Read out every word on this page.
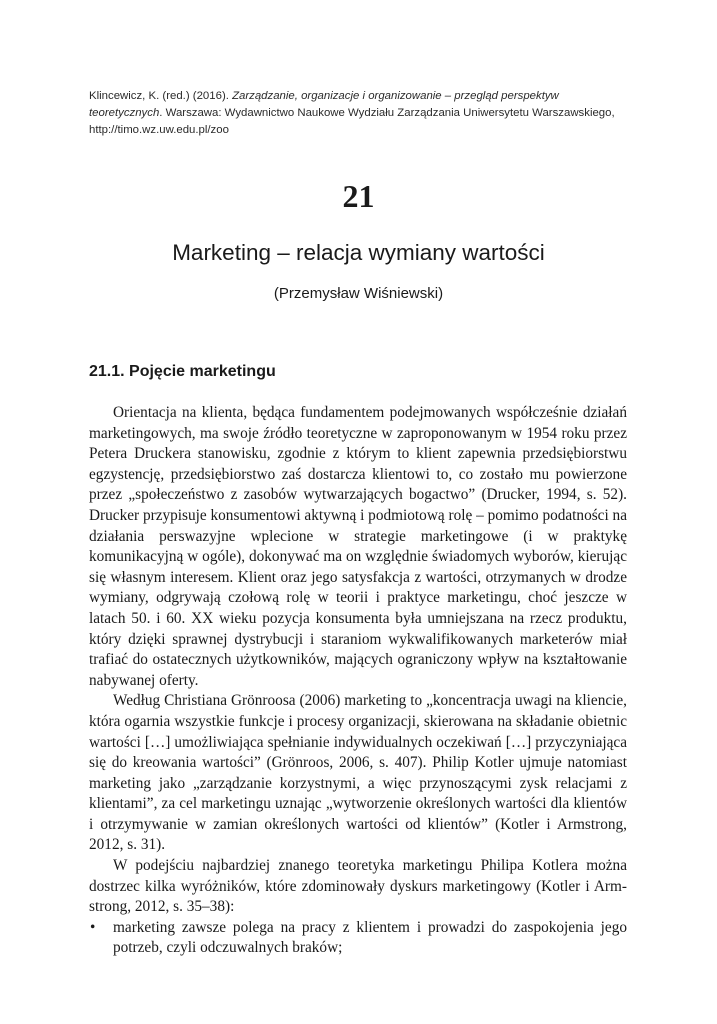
Klincewicz, K. (red.) (2016). Zarządzanie, organizacje i organizowanie – przegląd perspektyw teoretycznych. Warszawa: Wydawnictwo Naukowe Wydziału Zarządzania Uniwersytetu Warszawskiego, http://timo.wz.uw.edu.pl/zoo
21
Marketing – relacja wymiany wartości
(Przemysław Wiśniewski)
21.1. Pojęcie marketingu

Orientacja na klienta, będąca fundamentem podejmowanych współcześnie działań marketingowych, ma swoje źródło teoretyczne w zaproponowanym w 1954 roku przez Petera Druckera stanowisku, zgodnie z którym to klient zapewnia przedsiębiorstwu egzystencję, przedsiębiorstwo zaś dostarcza klientowi to, co zostało mu powierzone przez „społeczeństwo z zasobów wytwarzających bogactwo” (Drucker, 1994, s. 52). Drucker przypisuje konsumentowi aktywną i podmiotową rolę – pomimo podatności na działania perswazyjne wplecione w strategie marketingowe (i w praktykę komunikacyjną w ogóle), dokonywać ma on względnie świadomych wyborów, kierując się własnym interesem. Klient oraz jego satysfakcja z wartości, otrzymanych w drodze wymiany, odgrywają czołową rolę w teorii i praktyce marketingu, choć jeszcze w latach 50. i 60. XX wieku pozycja konsumenta była umniejszana na rzecz produktu, który dzięki sprawnej dystrybucji i staraniom wykwalifikowanych marketerów miał trafiać do ostatecznych użytkowników, mających ograniczony wpływ na kształtowanie nabywanej oferty.

Według Christiana Grönroosa (2006) marketing to „koncentracja uwagi na kliencie, która ogarnia wszystkie funkcje i procesy organizacji, skierowana na składanie obietnic wartości […] umożliwiająca spełnianie indywidualnych oczekiwań […] przyczyniająca się do kreowania wartości” (Grönroos, 2006, s. 407). Philip Kotler ujmuje natomiast marketing jako „zarządzanie korzystnymi, a więc przynoszącymi zysk relacjami z klientami”, za cel marketingu uznając „wytworzenie określonych wartości dla klientów i otrzymywanie w zamian określonych wartości od klientów” (Kotler i Armstrong, 2012, s. 31).

W podejściu najbardziej znanego teoretyka marketingu Philipa Kotlera można dostrzec kilka wyróżników, które zdominowały dyskurs marketingowy (Kotler i Armstrong, 2012, s. 35–38):

• marketing zawsze polega na pracy z klientem i prowadzi do zaspokojenia jego potrzeb, czyli odczuwalnych braków;
